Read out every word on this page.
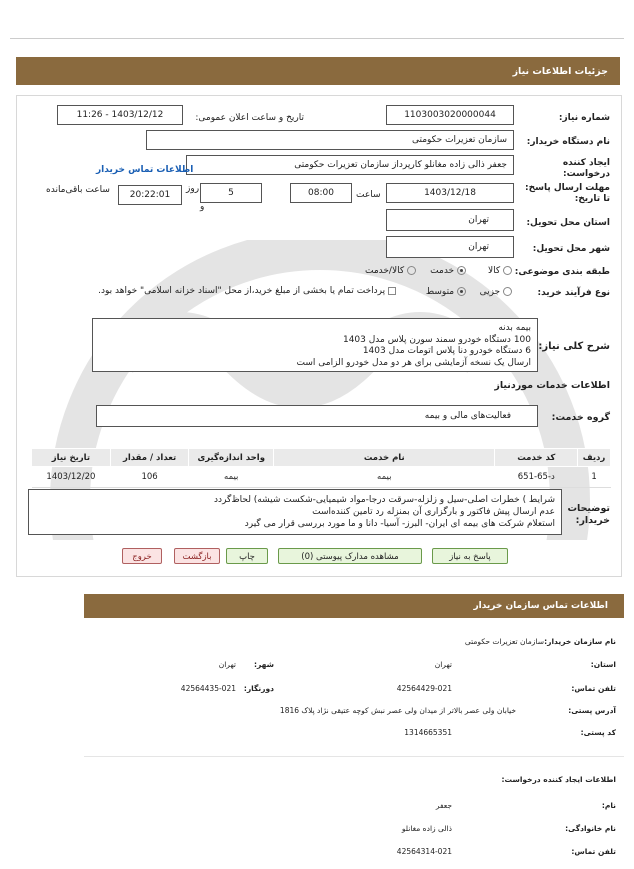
جزئیات اطلاعات نیاز
شماره نیاز:
1103003020000044
تاریخ و ساعت اعلان عمومی:
1403/12/12 - 11:26
نام دستگاه خریدار:
سازمان تعزیرات حکومتی
ایجاد کننده درخواست:
جعفر ذالی زاده مغانلو کارپرداز سازمان تعزیرات حکومتی
اطلاعات تماس خریدار
مهلت ارسال پاسخ: تا تاریخ:
1403/12/18
ساعت
08:00
5
روز
و
20:22:01
ساعت باقی‌مانده
استان محل تحویل:
تهران
شهر محل تحویل:
تهران
طبقه بندی موضوعی:
کالا
خدمت
کالا/خدمت
نوع فرآیند خرید:
جزیی
متوسط
پرداخت تمام یا بخشی از مبلغ خرید،از محل "اسناد خزانه اسلامی" خواهد بود.
شرح کلی نیاز:
بیمه بدنه
100 دستگاه خودرو سمند سورن پلاس مدل 1403
6 دستگاه خودرو دنا پلاس اتومات مدل 1403
ارسال یک نسخه آزمایشی برای هر دو مدل خودرو الزامی است
اطلاعات خدمات موردنیاز
گروه خدمت:
فعالیت‌های مالی و بیمه
ردیف	کد خدمت	نام خدمت	واحد اندازه‌گیری	تعداد / مقدار	تاریخ نیاز
1	د-65-651	بیمه	بیمه	106	1403/12/20
توضیحات خریدار:
شرایط ) خطرات اصلی-سیل و زلزله-سرقت درجا-مواد شیمیایی-شکست شیشه) لحاظ‌گردد
عدم ارسال پیش فاکتور و بارگزاری آن بمنزله رد تامین کننده‌است
استعلام شرکت های بیمه ای ایران- البرز- آسیا- دانا و ما مورد بررسی قرار می گیرد
پاسخ به نیاز
مشاهده مدارک پیوستی (0)
چاپ
بازگشت
خروج
اطلاعات تماس سازمان خریدار
نام سازمان خریدار:
سازمان تعزیرات حکومتی
استان:
تهران
شهر:
تهران
تلفن تماس:
42564429-021
دورنگار:
42564435-021
آدرس پستی:
خیابان ولی عصر بالاتر از میدان ولی عصر نبش کوچه عتیقی نژاد پلاک 1816
کد پستی:
1314665351
اطلاعات ایجاد کننده درخواست:
نام:
جعفر
نام خانوادگی:
ذالی زاده مغانلو
تلفن تماس:
42564314-021
